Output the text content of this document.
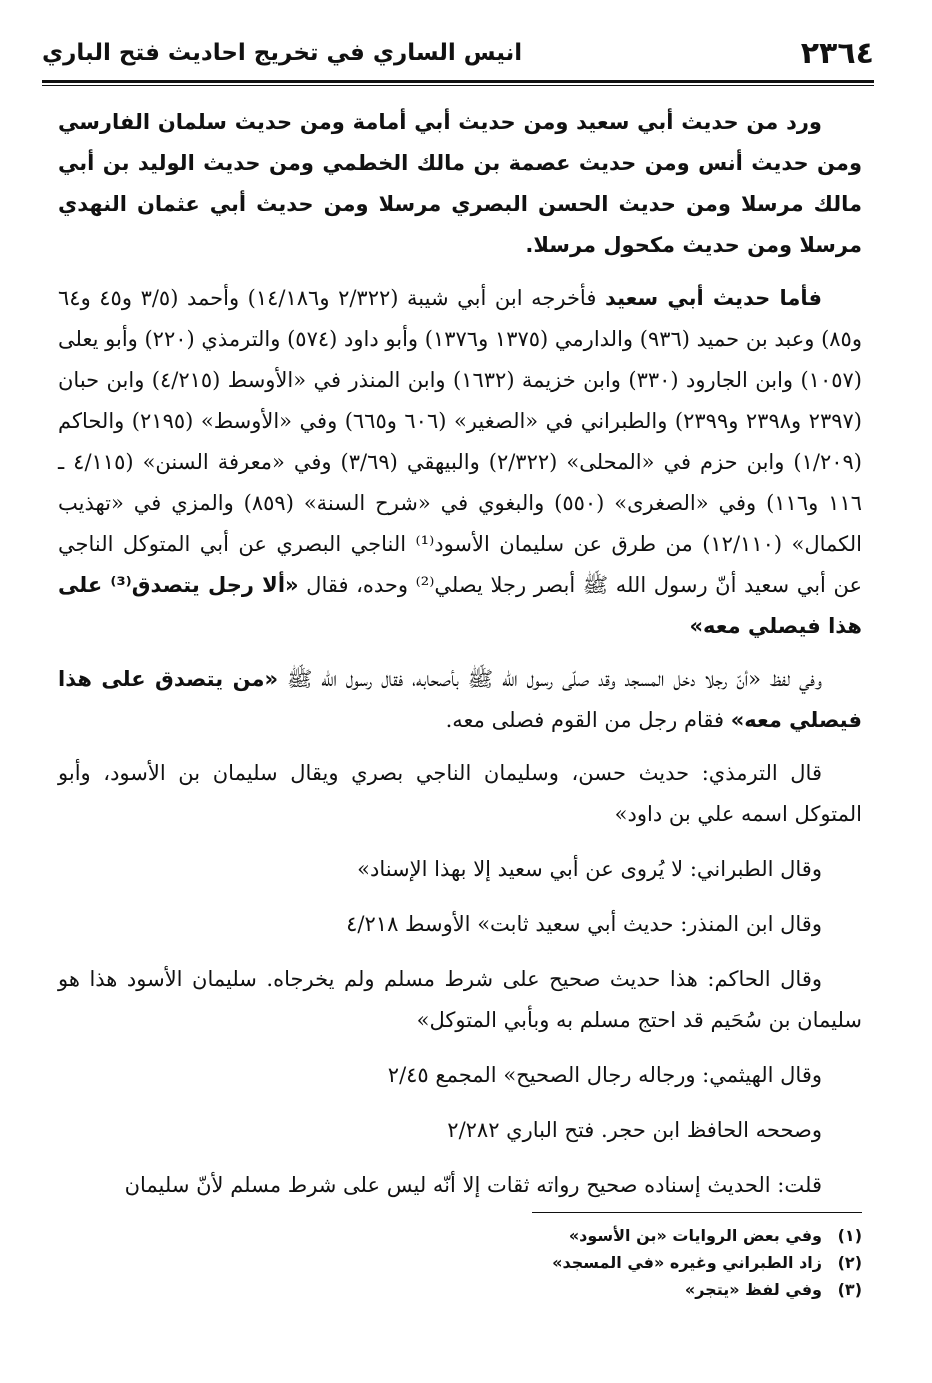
٢٣٦٤
انيس الساري في تخريج احاديث فتح الباري

ورد من حديث أبي سعيد ومن حديث أبي أمامة ومن حديث سلمان الفارسي ومن حديث أنس ومن حديث عصمة بن مالك الخطمي ومن حديث الوليد بن أبي مالك مرسلا ومن حديث الحسن البصري مرسلا ومن حديث أبي عثمان النهدي مرسلا ومن حديث مكحول مرسلا.

فأما حديث أبي سعيد فأخرجه ابن أبي شيبة (٢/٣٢٢ و١٤/١٨٦) وأحمد (٣/٥ و٤٥ و٦٤ و٨٥) وعبد بن حميد (٩٣٦) والدارمي (١٣٧٥ و١٣٧٦) وأبو داود (٥٧٤) والترمذي (٢٢٠) وأبو يعلى (١٠٥٧) وابن الجارود (٣٣٠) وابن خزيمة (١٦٣٢) وابن المنذر في «الأوسط (٤/٢١٥) وابن حبان (٢٣٩٧ و٢٣٩٨ و٢٣٩٩) والطبراني في «الصغير» (٦٠٦ و٦٦٥) وفي «الأوسط» (٢١٩٥) والحاكم (١/٢٠٩) وابن حزم في «المحلى» (٢/٣٢٢) والبيهقي (٣/٦٩) وفي «معرفة السنن» (٤/١١٥ ـ ١١٦ و١١٦) وفي «الصغرى» (٥٥٠) والبغوي في «شرح السنة» (٨٥٩) والمزي في «تهذيب الكمال» (١٢/١١٠) من طرق عن سليمان الأسود⁽¹⁾ الناجي البصري عن أبي المتوكل الناجي عن أبي سعيد أنّ رسول الله ﷺ أبصر رجلا يصلي⁽²⁾ وحده، فقال «ألا رجل يتصدق⁽³⁾ على هذا فيصلي معه»

وفي لفظ «أنّ رجلا دخل المسجد وقد صلّى رسول الله ﷺ بأصحابه، فقال رسول الله ﷺ «من يتصدق على هذا فيصلي معه» فقام رجل من القوم فصلى معه.

قال الترمذي: حديث حسن، وسليمان الناجي بصري ويقال سليمان بن الأسود، وأبو المتوكل اسمه علي بن داود»

وقال الطبراني: لا يُروى عن أبي سعيد إلا بهذا الإسناد»

وقال ابن المنذر: حديث أبي سعيد ثابت» الأوسط ٤/٢١٨

وقال الحاكم: هذا حديث صحيح على شرط مسلم ولم يخرجاه. سليمان الأسود هذا هو سليمان بن سُحَيم قد احتج مسلم به وبأبي المتوكل»

وقال الهيثمي: ورجاله رجال الصحيح» المجمع ٢/٤٥

وصححه الحافظ ابن حجر. فتح الباري ٢/٢٨٢

قلت: الحديث إسناده صحيح رواته ثقات إلا أنّه ليس على شرط مسلم لأنّ سليمان

(١)
وفي بعض الروايات «بن الأسود»
(٢)
زاد الطبراني وغيره «في المسجد»
(٣)
وفي لفظ «يتجر»
